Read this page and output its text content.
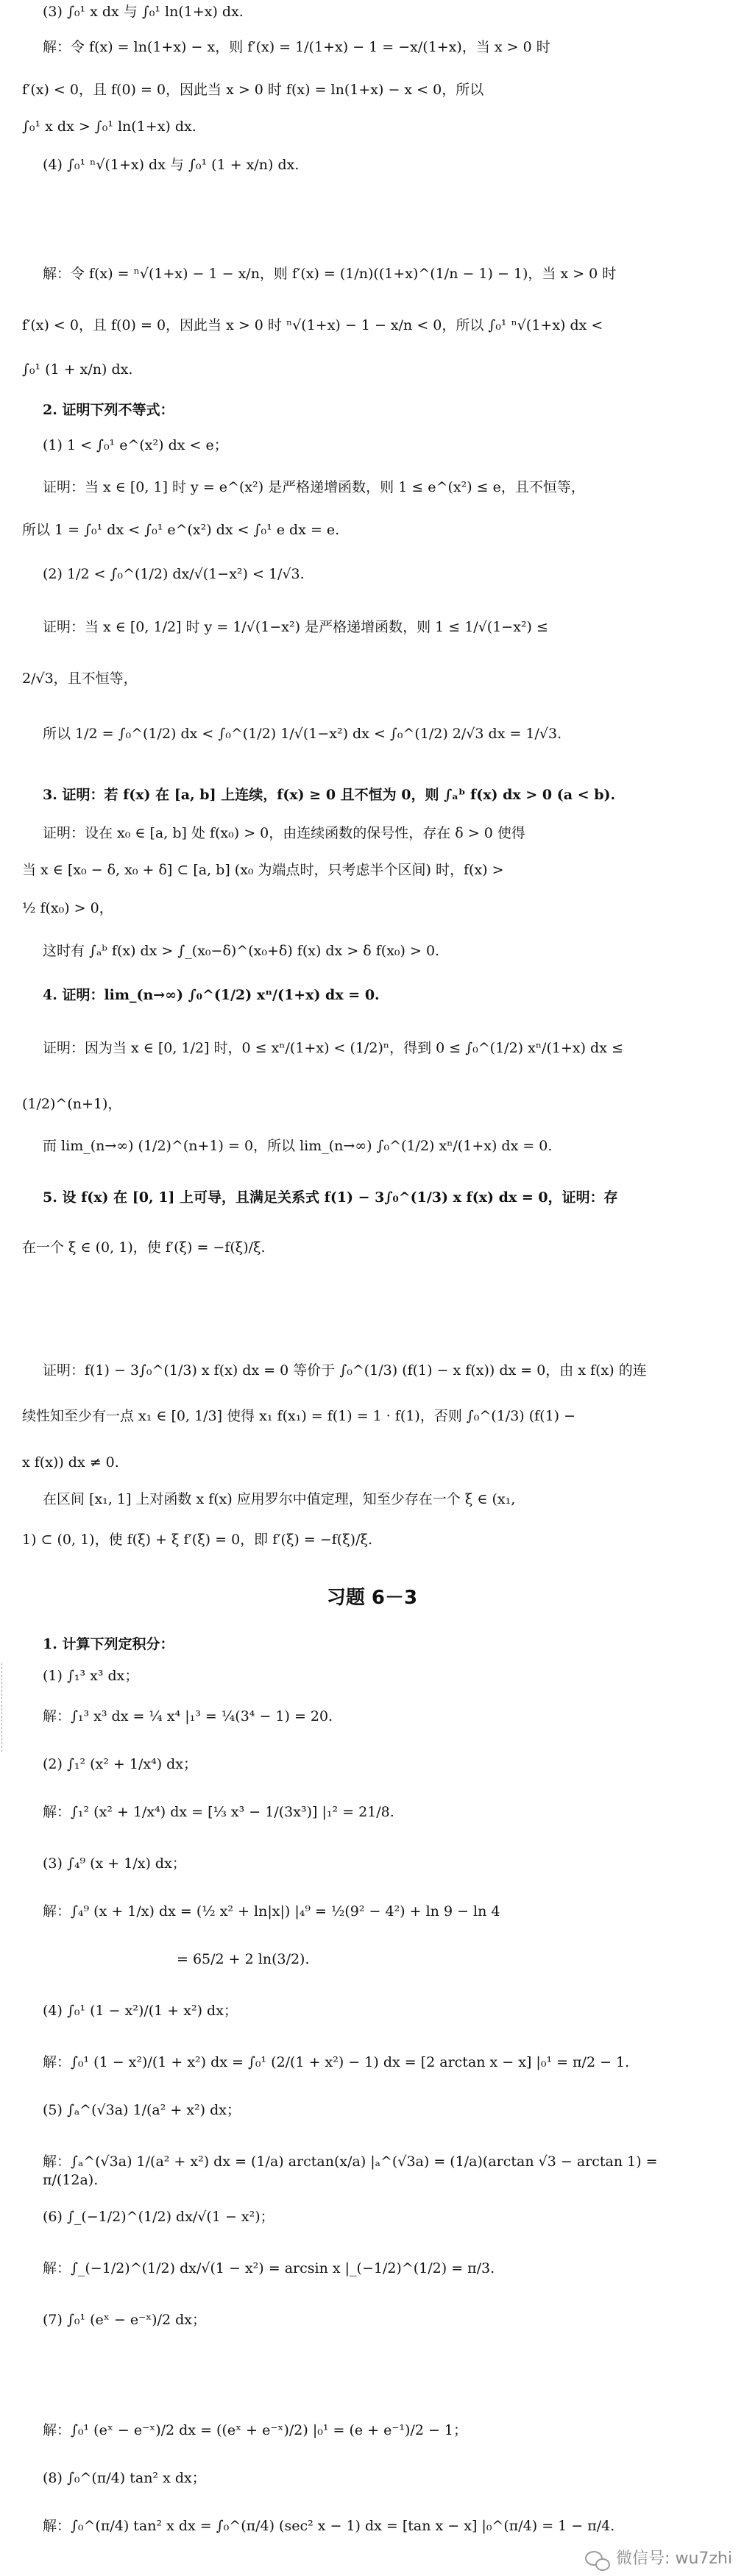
(3) ∫₀¹ x dx 与 ∫₀¹ ln(1+x) dx.
解：令 f(x) = ln(1+x) − x，则 f′(x) = 1/(1+x) − 1 = −x/(1+x)，当 x > 0 时
f′(x) < 0，且 f(0) = 0，因此当 x > 0 时 f(x) = ln(1+x) − x < 0，所以
∫₀¹ x dx > ∫₀¹ ln(1+x) dx.
(4) ∫₀¹ ⁿ√(1+x) dx 与 ∫₀¹ (1 + x/n) dx.
解：令 f(x) = ⁿ√(1+x) − 1 − x/n，则 f′(x) = (1/n)((1+x)^(1/n − 1) − 1)，当 x > 0 时
f′(x) < 0，且 f(0) = 0，因此当 x > 0 时 ⁿ√(1+x) − 1 − x/n < 0，所以 ∫₀¹ ⁿ√(1+x) dx <
∫₀¹ (1 + x/n) dx.
2. 证明下列不等式：
(1) 1 < ∫₀¹ e^(x²) dx < e；
证明：当 x ∈ [0, 1] 时 y = e^(x²) 是严格递增函数，则 1 ≤ e^(x²) ≤ e，且不恒等，
所以 1 = ∫₀¹ dx < ∫₀¹ e^(x²) dx < ∫₀¹ e dx = e.
(2) 1/2 < ∫₀^(1/2) dx/√(1−x²) < 1/√3.
证明：当 x ∈ [0, 1/2] 时 y = 1/√(1−x²) 是严格递增函数，则 1 ≤ 1/√(1−x²) ≤
2/√3，且不恒等，
所以 1/2 = ∫₀^(1/2) dx < ∫₀^(1/2) 1/√(1−x²) dx < ∫₀^(1/2) 2/√3 dx = 1/√3.
3. 证明：若 f(x) 在 [a, b] 上连续，f(x) ≥ 0 且不恒为 0，则 ∫ₐᵇ f(x) dx > 0 (a < b).
证明：设在 x₀ ∈ [a, b] 处 f(x₀) > 0，由连续函数的保号性，存在 δ > 0 使得
当 x ∈ [x₀ − δ, x₀ + δ] ⊂ [a, b] (x₀ 为端点时，只考虑半个区间) 时，f(x) >
½ f(x₀) > 0，
这时有 ∫ₐᵇ f(x) dx > ∫_(x₀−δ)^(x₀+δ) f(x) dx > δ f(x₀) > 0.
4. 证明：lim_(n→∞) ∫₀^(1/2) xⁿ/(1+x) dx = 0.
证明：因为当 x ∈ [0, 1/2] 时，0 ≤ xⁿ/(1+x) < (1/2)ⁿ，得到 0 ≤ ∫₀^(1/2) xⁿ/(1+x) dx ≤
(1/2)^(n+1)，
而 lim_(n→∞) (1/2)^(n+1) = 0，所以 lim_(n→∞) ∫₀^(1/2) xⁿ/(1+x) dx = 0.
5. 设 f(x) 在 [0, 1] 上可导，且满足关系式 f(1) − 3∫₀^(1/3) x f(x) dx = 0，证明：存
在一个 ξ ∈ (0, 1)，使 f′(ξ) = −f(ξ)/ξ.
证明：f(1) − 3∫₀^(1/3) x f(x) dx = 0 等价于 ∫₀^(1/3) (f(1) − x f(x)) dx = 0，由 x f(x) 的连
续性知至少有一点 x₁ ∈ [0, 1/3] 使得 x₁ f(x₁) = f(1) = 1 · f(1)，否则 ∫₀^(1/3) (f(1) −
x f(x)) dx ≠ 0.
在区间 [x₁, 1] 上对函数 x f(x) 应用罗尔中值定理，知至少存在一个 ξ ∈ (x₁,
1) ⊂ (0, 1)，使 f(ξ) + ξ f′(ξ) = 0，即 f′(ξ) = −f(ξ)/ξ.
习题 6－3
1. 计算下列定积分：
(1) ∫₁³ x³ dx；
解：∫₁³ x³ dx = ¼ x⁴ |₁³ = ¼(3⁴ − 1) = 20.
(2) ∫₁² (x² + 1/x⁴) dx；
解：∫₁² (x² + 1/x⁴) dx = [⅓ x³ − 1/(3x³)] |₁² = 21/8.
(3) ∫₄⁹ (x + 1/x) dx；
解：∫₄⁹ (x + 1/x) dx = (½ x² + ln|x|) |₄⁹ = ½(9² − 4²) + ln 9 − ln 4
= 65/2 + 2 ln(3/2).
(4) ∫₀¹ (1 − x²)/(1 + x²) dx；
解：∫₀¹ (1 − x²)/(1 + x²) dx = ∫₀¹ (2/(1 + x²) − 1) dx = [2 arctan x − x] |₀¹ = π/2 − 1.
(5) ∫ₐ^(√3a) 1/(a² + x²) dx；
解：∫ₐ^(√3a) 1/(a² + x²) dx = (1/a) arctan(x/a) |ₐ^(√3a) = (1/a)(arctan √3 − arctan 1) = π/(12a).
(6) ∫_(−1/2)^(1/2) dx/√(1 − x²)；
解：∫_(−1/2)^(1/2) dx/√(1 − x²) = arcsin x |_(−1/2)^(1/2) = π/3.
(7) ∫₀¹ (eˣ − e⁻ˣ)/2 dx；
解：∫₀¹ (eˣ − e⁻ˣ)/2 dx = ((eˣ + e⁻ˣ)/2) |₀¹ = (e + e⁻¹)/2 − 1；
(8) ∫₀^(π/4) tan² x dx；
解：∫₀^(π/4) tan² x dx = ∫₀^(π/4) (sec² x − 1) dx = [tan x − x] |₀^(π/4) = 1 − π/4.
微信号: wu7zhi
